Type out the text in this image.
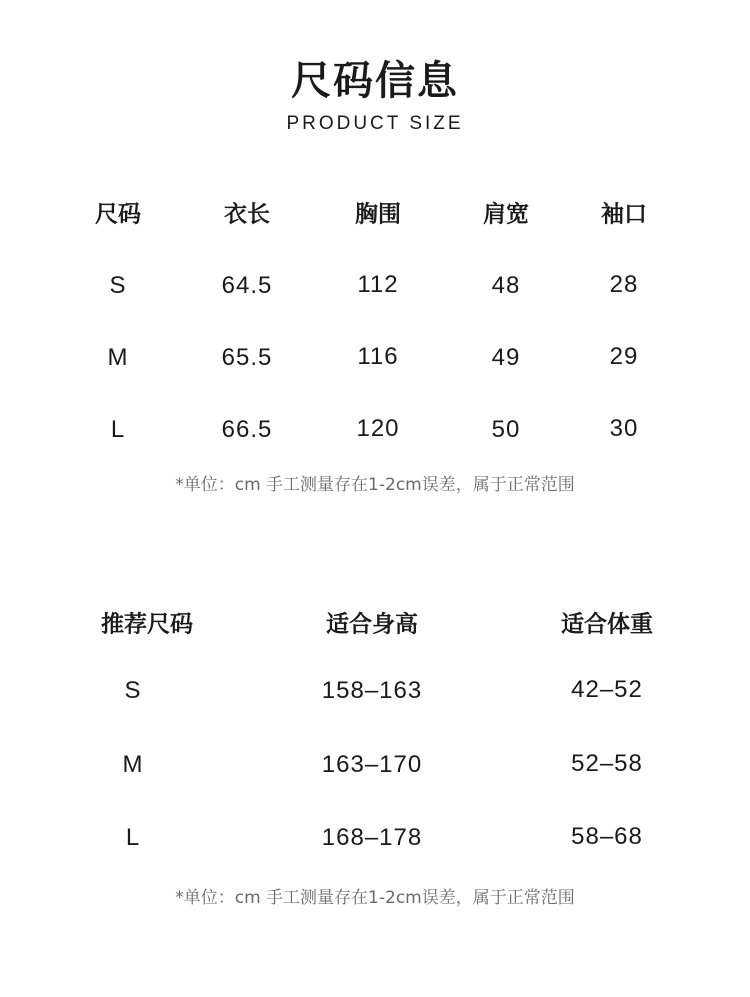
尺码信息
PRODUCT SIZE
尺码	衣长	胸围	肩宽	袖口
S	64.5	112	48	28
M	65.5	116	49	29
L	66.5	120	50	30
*单位：cm 手工测量存在1-2cm误差，属于正常范围
推荐尺码	适合身高	适合体重
S	158–163	42–52
M	163–170	52–58
L	168–178	58–68
*单位：cm 手工测量存在1-2cm误差，属于正常范围
